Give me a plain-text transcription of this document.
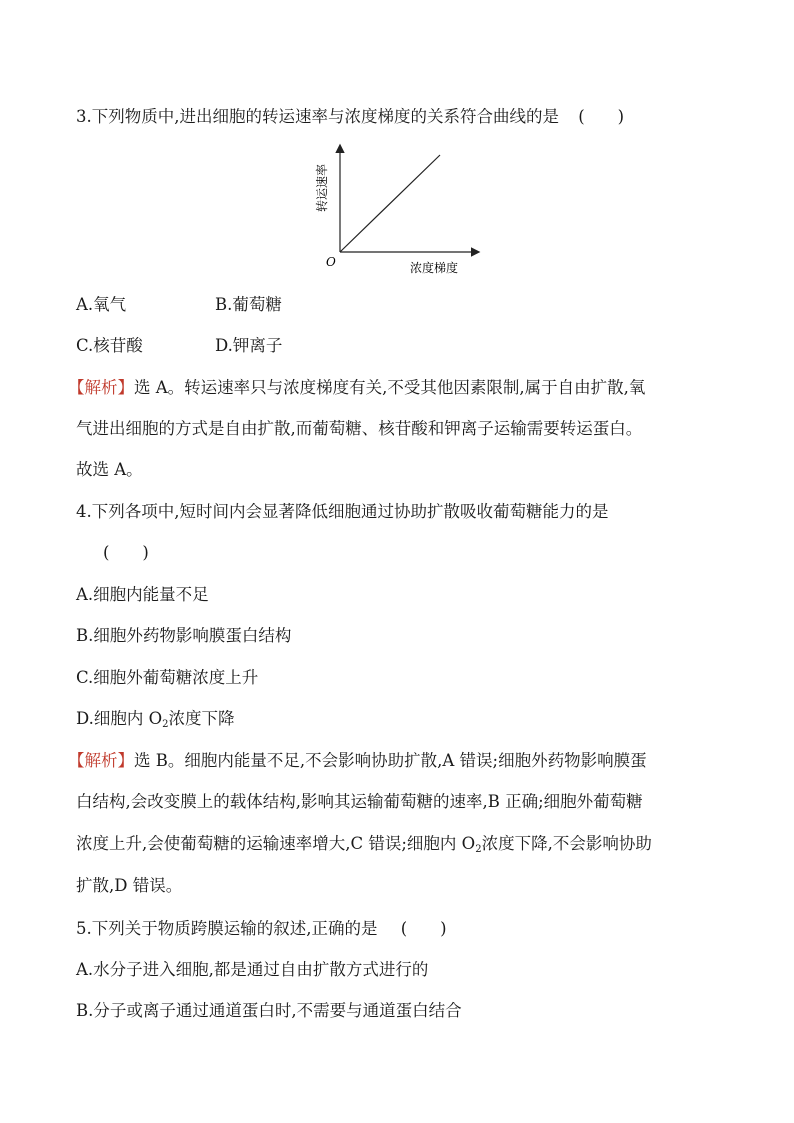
3.下列物质中,进出细胞的转运速率与浓度梯度的关系符合曲线的是 (　　)
转运速率
O	浓度梯度
A.氧气	B.葡萄糖
C.核苷酸	D.钾离子
【解析】选 A。转运速率只与浓度梯度有关,不受其他因素限制,属于自由扩散,氧
气进出细胞的方式是自由扩散,而葡萄糖、核苷酸和钾离子运输需要转运蛋白。
故选 A。
4.下列各项中,短时间内会显著降低细胞通过协助扩散吸收葡萄糖能力的是
(　　)
A.细胞内能量不足
B.细胞外药物影响膜蛋白结构
C.细胞外葡萄糖浓度上升
D.细胞内 $O_2$浓度下降
【解析】选 B。细胞内能量不足,不会影响协助扩散,A 错误;细胞外药物影响膜蛋
白结构,会改变膜上的载体结构,影响其运输葡萄糖的速率,B 正确;细胞外葡萄糖
浓度上升,会使葡萄糖的运输速率增大,C 错误;细胞内 $O_2$浓度下降,不会影响协助
扩散,D 错误。
5.下列关于物质跨膜运输的叙述,正确的是 (　　)
A.水分子进入细胞,都是通过自由扩散方式进行的
B.分子或离子通过通道蛋白时,不需要与通道蛋白结合
